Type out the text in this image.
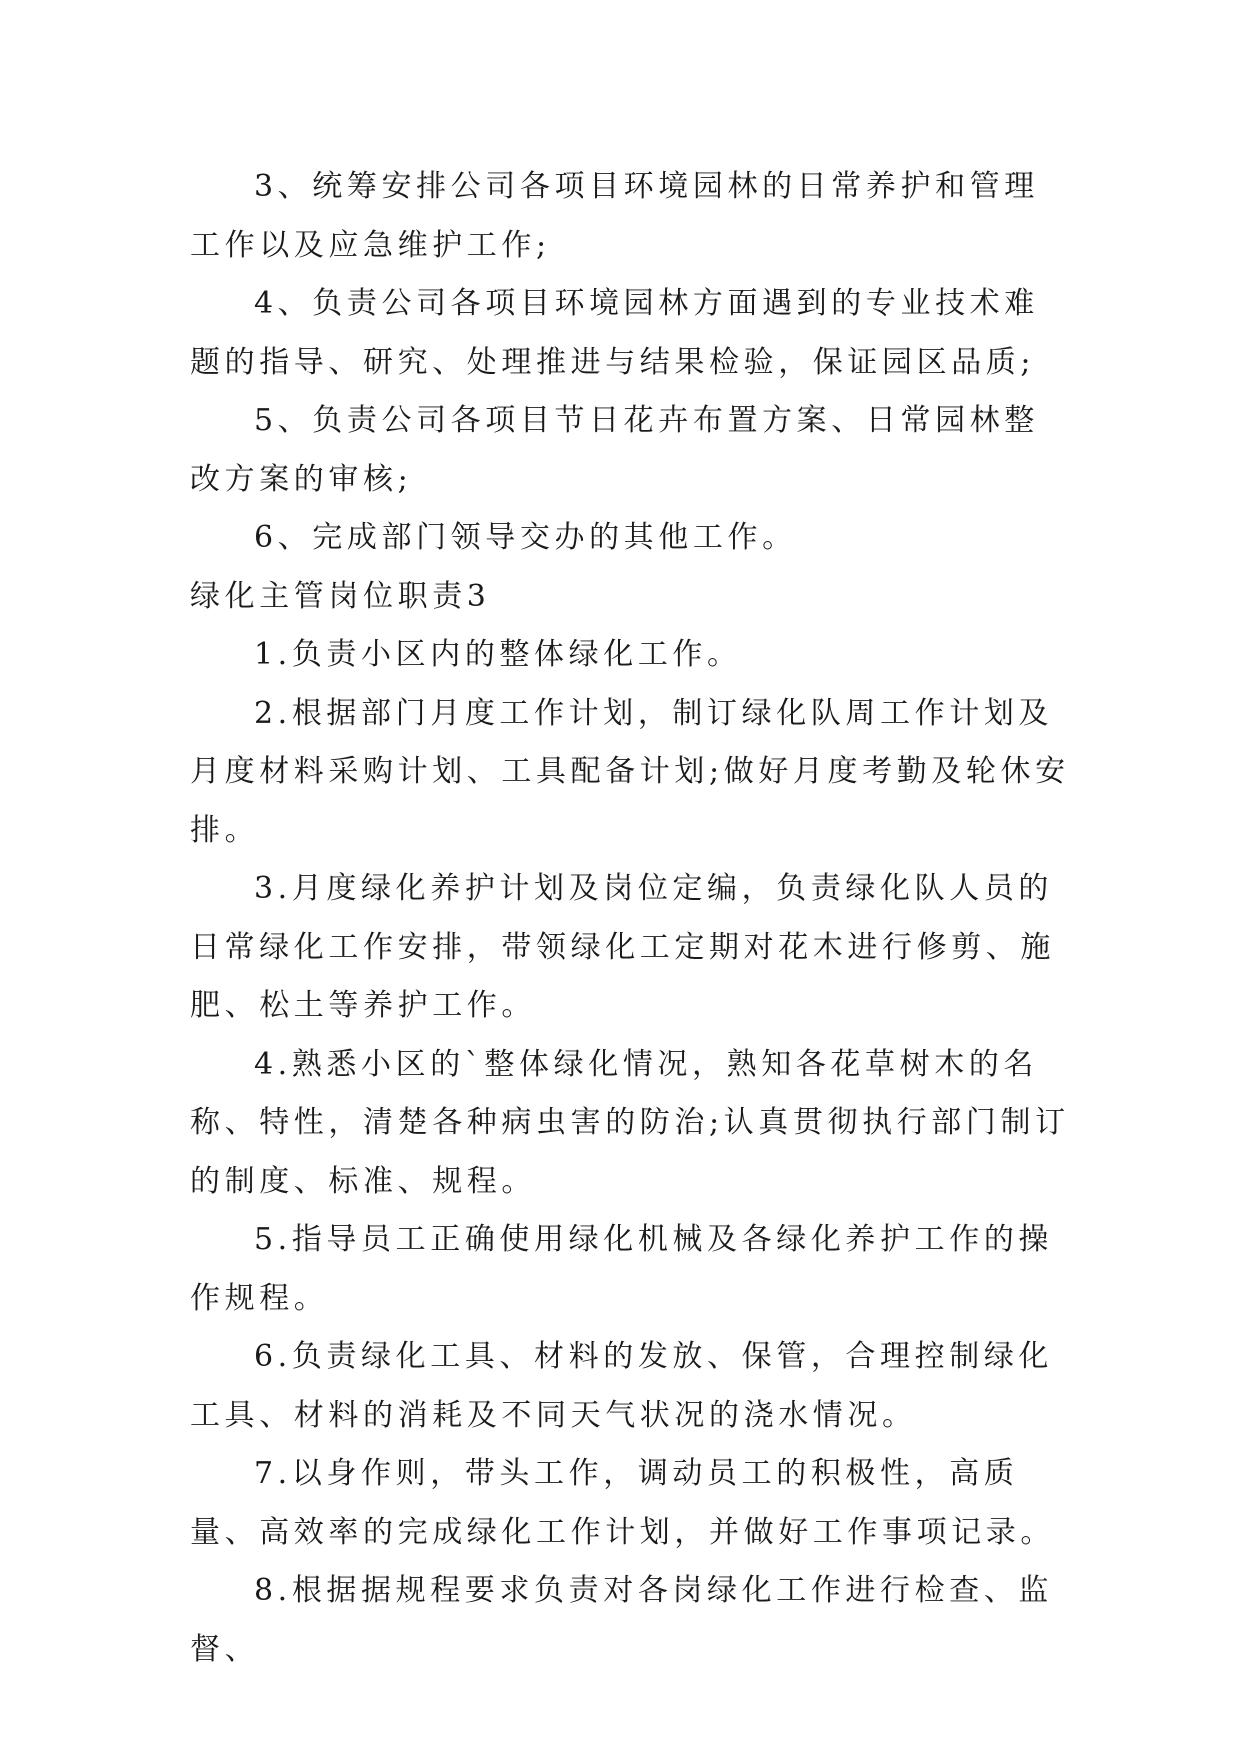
3、统筹安排公司各项目环境园林的日常养护和管理工作以及应急维护工作;

4、负责公司各项目环境园林方面遇到的专业技术难题的指导、研究、处理推进与结果检验，保证园区品质;

5、负责公司各项目节日花卉布置方案、日常园林整改方案的审核;

6、完成部门领导交办的其他工作。

绿化主管岗位职责3

1.负责小区内的整体绿化工作。

2.根据部门月度工作计划，制订绿化队周工作计划及月度材料采购计划、工具配备计划;做好月度考勤及轮休安排。

3.月度绿化养护计划及岗位定编，负责绿化队人员的日常绿化工作安排，带领绿化工定期对花木进行修剪、施肥、松土等养护工作。

4.熟悉小区的`整体绿化情况，熟知各花草树木的名称、特性，清楚各种病虫害的防治;认真贯彻执行部门制订的制度、标准、规程。

5.指导员工正确使用绿化机械及各绿化养护工作的操作规程。

6.负责绿化工具、材料的发放、保管，合理控制绿化工具、材料的消耗及不同天气状况的浇水情况。

7.以身作则，带头工作，调动员工的积极性，高质量、高效率的完成绿化工作计划，并做好工作事项记录。

8.根据据规程要求负责对各岗绿化工作进行检查、监督、
